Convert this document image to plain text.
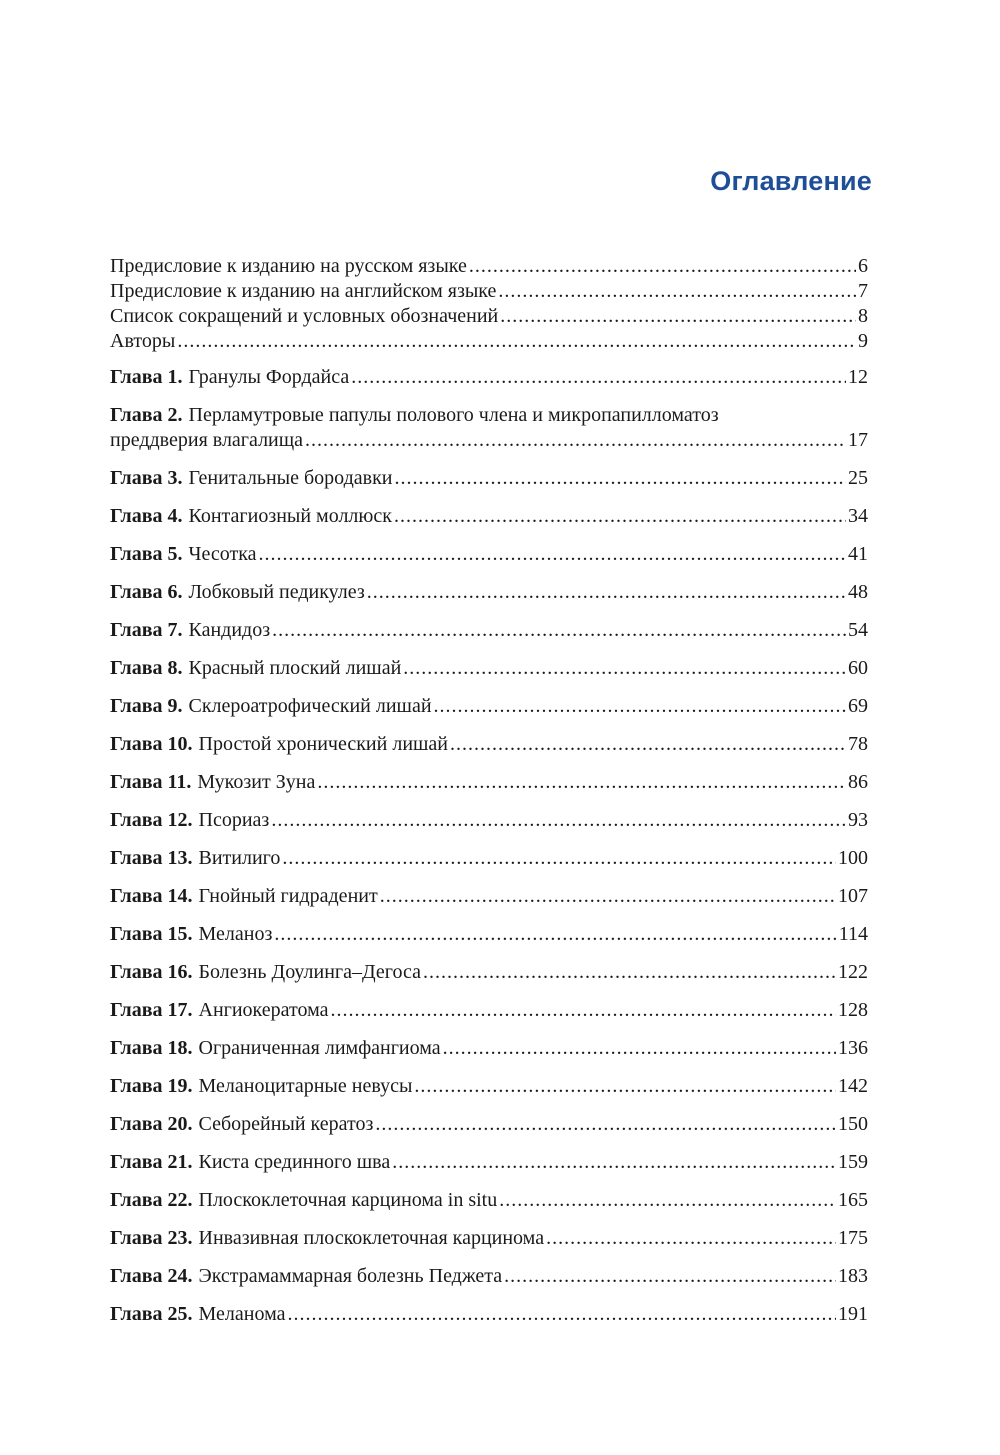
Оглавление
Предисловие к изданию на русском языке .....	6
Предисловие к изданию на английском языке .....	7
Список сокращений и условных обозначений .....	8
Авторы .....	9
Глава 1. Гранулы Фордайса .....	12
Глава 2. Перламутровые папулы полового члена и микропапилломатоз
преддверия влагалища .....	17
Глава 3. Генитальные бородавки .....	25
Глава 4. Контагиозный моллюск .....	34
Глава 5. Чесотка .....	41
Глава 6. Лобковый педикулез .....	48
Глава 7. Кандидоз .....	54
Глава 8. Красный плоский лишай .....	60
Глава 9. Склероатрофический лишай .....	69
Глава 10. Простой хронический лишай .....	78
Глава 11. Мукозит Зуна .....	86
Глава 12. Псориаз .....	93
Глава 13. Витилиго .....	100
Глава 14. Гнойный гидраденит .....	107
Глава 15. Меланоз .....	114
Глава 16. Болезнь Доулинга–Дегоса .....	122
Глава 17. Ангиокератома .....	128
Глава 18. Ограниченная лимфангиома .....	136
Глава 19. Меланоцитарные невусы .....	142
Глава 20. Себорейный кератоз .....	150
Глава 21. Киста срединного шва .....	159
Глава 22. Плоскоклеточная карцинома in situ .....	165
Глава 23. Инвазивная плоскоклеточная карцинома .....	175
Глава 24. Экстрамаммарная болезнь Педжета .....	183
Глава 25. Меланома .....	191
